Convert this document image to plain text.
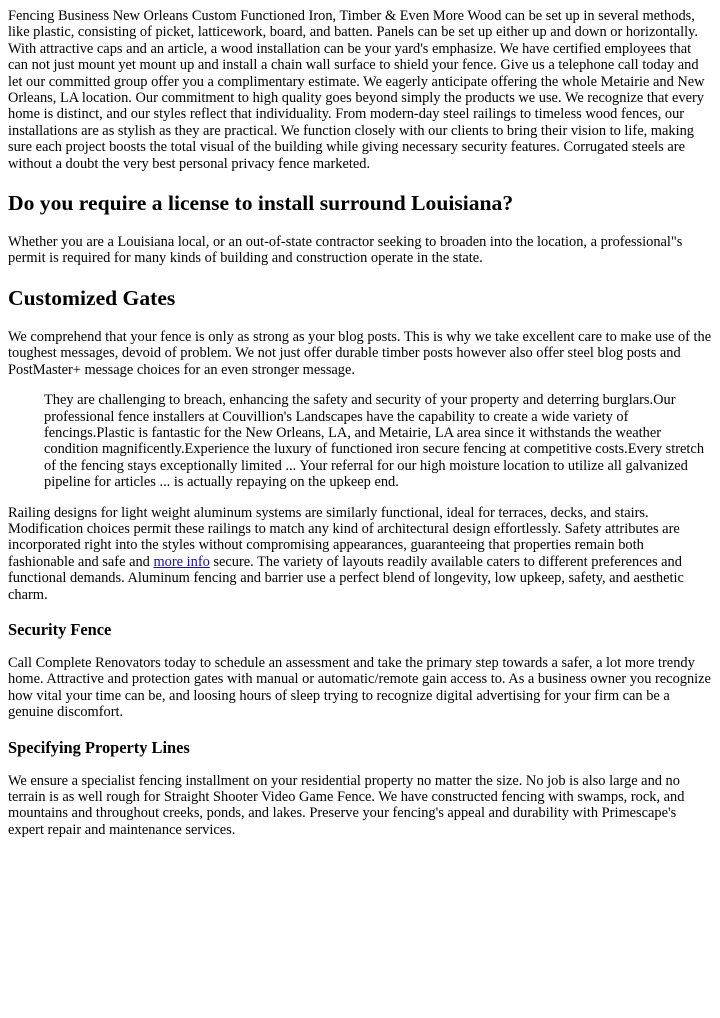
Fencing Business New Orleans Custom Functioned Iron, Timber & Even More Wood can be set up in several methods, like plastic, consisting of picket, latticework, board, and batten. Panels can be set up either up and down or horizontally. With attractive caps and an article, a wood installation can be your yard's emphasize. We have certified employees that can not just mount yet mount up and install a chain wall surface to shield your fence. Give us a telephone call today and let our committed group offer you a complimentary estimate. We eagerly anticipate offering the whole Metairie and New Orleans, LA location. Our commitment to high quality goes beyond simply the products we use. We recognize that every home is distinct, and our styles reflect that individuality. From modern-day steel railings to timeless wood fences, our installations are as stylish as they are practical. We function closely with our clients to bring their vision to life, making sure each project boosts the total visual of the building while giving necessary security features. Corrugated steels are without a doubt the very best personal privacy fence marketed.

Do you require a license to install surround Louisiana?

Whether you are a Louisiana local, or an out-of-state contractor seeking to broaden into the location, a professional"s permit is required for many kinds of building and construction operate in the state.

Customized Gates

We comprehend that your fence is only as strong as your blog posts. This is why we take excellent care to make use of the toughest messages, devoid of problem. We not just offer durable timber posts however also offer steel blog posts and PostMaster+ message choices for an even stronger message.

They are challenging to breach, enhancing the safety and security of your property and deterring burglars.Our professional fence installers at Couvillion's Landscapes have the capability to create a wide variety of fencings.Plastic is fantastic for the New Orleans, LA, and Metairie, LA area since it withstands the weather condition magnificently.Experience the luxury of functioned iron secure fencing at competitive costs.Every stretch of the fencing stays exceptionally limited ... Your referral for our high moisture location to utilize all galvanized pipeline for articles ... is actually repaying on the upkeep end.

Railing designs for light weight aluminum systems are similarly functional, ideal for terraces, decks, and stairs. Modification choices permit these railings to match any kind of architectural design effortlessly. Safety attributes are incorporated right into the styles without compromising appearances, guaranteeing that properties remain both fashionable and safe and more info secure. The variety of layouts readily available caters to different preferences and functional demands. Aluminum fencing and barrier use a perfect blend of longevity, low upkeep, safety, and aesthetic charm.

Security Fence

Call Complete Renovators today to schedule an assessment and take the primary step towards a safer, a lot more trendy home. Attractive and protection gates with manual or automatic/remote gain access to. As a business owner you recognize how vital your time can be, and loosing hours of sleep trying to recognize digital advertising for your firm can be a genuine discomfort.

Specifying Property Lines

We ensure a specialist fencing installment on your residential property no matter the size. No job is also large and no terrain is as well rough for Straight Shooter Video Game Fence. We have constructed fencing with swamps, rock, and mountains and throughout creeks, ponds, and lakes. Preserve your fencing's appeal and durability with Primescape's expert repair and maintenance services.
